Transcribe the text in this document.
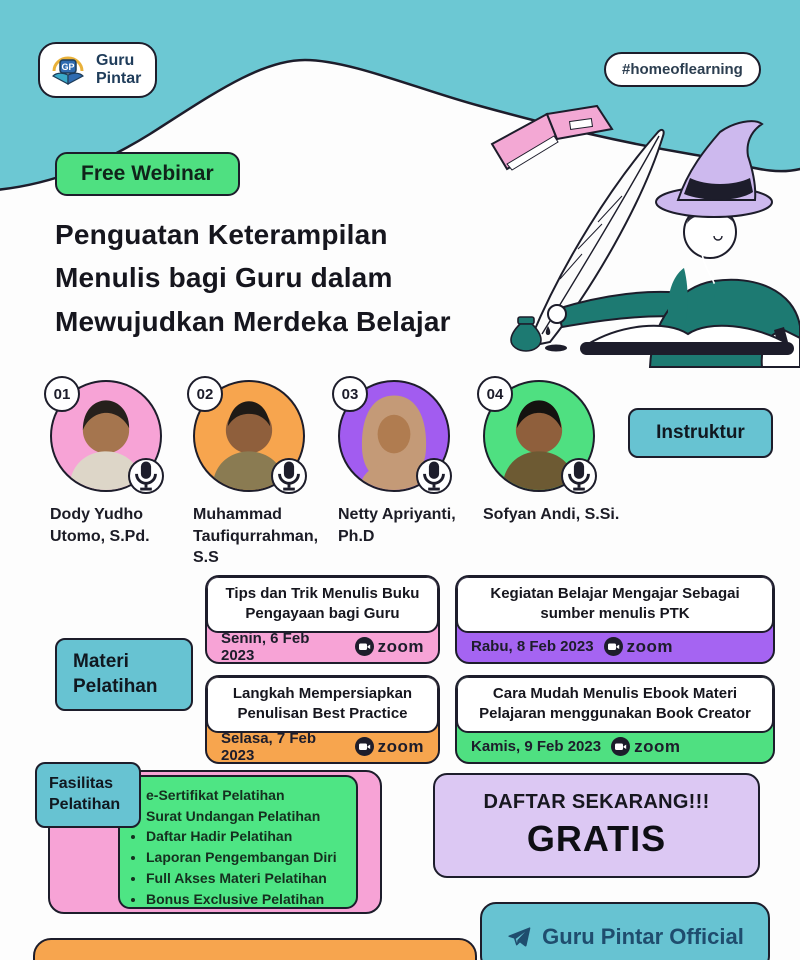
GP Guru
Pintar
#homeoflearning
Free Webinar
Penguatan Keterampilan
Menulis bagi Guru dalam
Mewujudkan Merdeka Belajar
01
Dody Yudho Utomo, S.Pd.
02
Muhammad Taufiqurrahman, S.S
03
Netty Apriyanti, Ph.D
04
Sofyan Andi, S.Si.
Instruktur
Materi Pelatihan
Tips dan Trik Menulis Buku Pengayaan bagi Guru
Senin, 6 Feb 2023	zoom
Kegiatan Belajar Mengajar Sebagai sumber menulis PTK
Rabu, 8 Feb 2023 zoom
Langkah Mempersiapkan Penulisan Best Practice
Selasa, 7 Feb 2023	zoom
Cara Mudah Menulis Ebook Materi Pelajaran menggunakan Book Creator
Kamis, 9 Feb 2023 zoom
• e-Sertifikat Pelatihan
• Surat Undangan Pelatihan
• Daftar Hadir Pelatihan
• Laporan Pengembangan Diri
• Full Akses Materi Pelatihan
• Bonus Exclusive Pelatihan
Fasilitas Pelatihan	DAFTAR SEKARANG!!!
GRATIS
Guru Pintar Official
